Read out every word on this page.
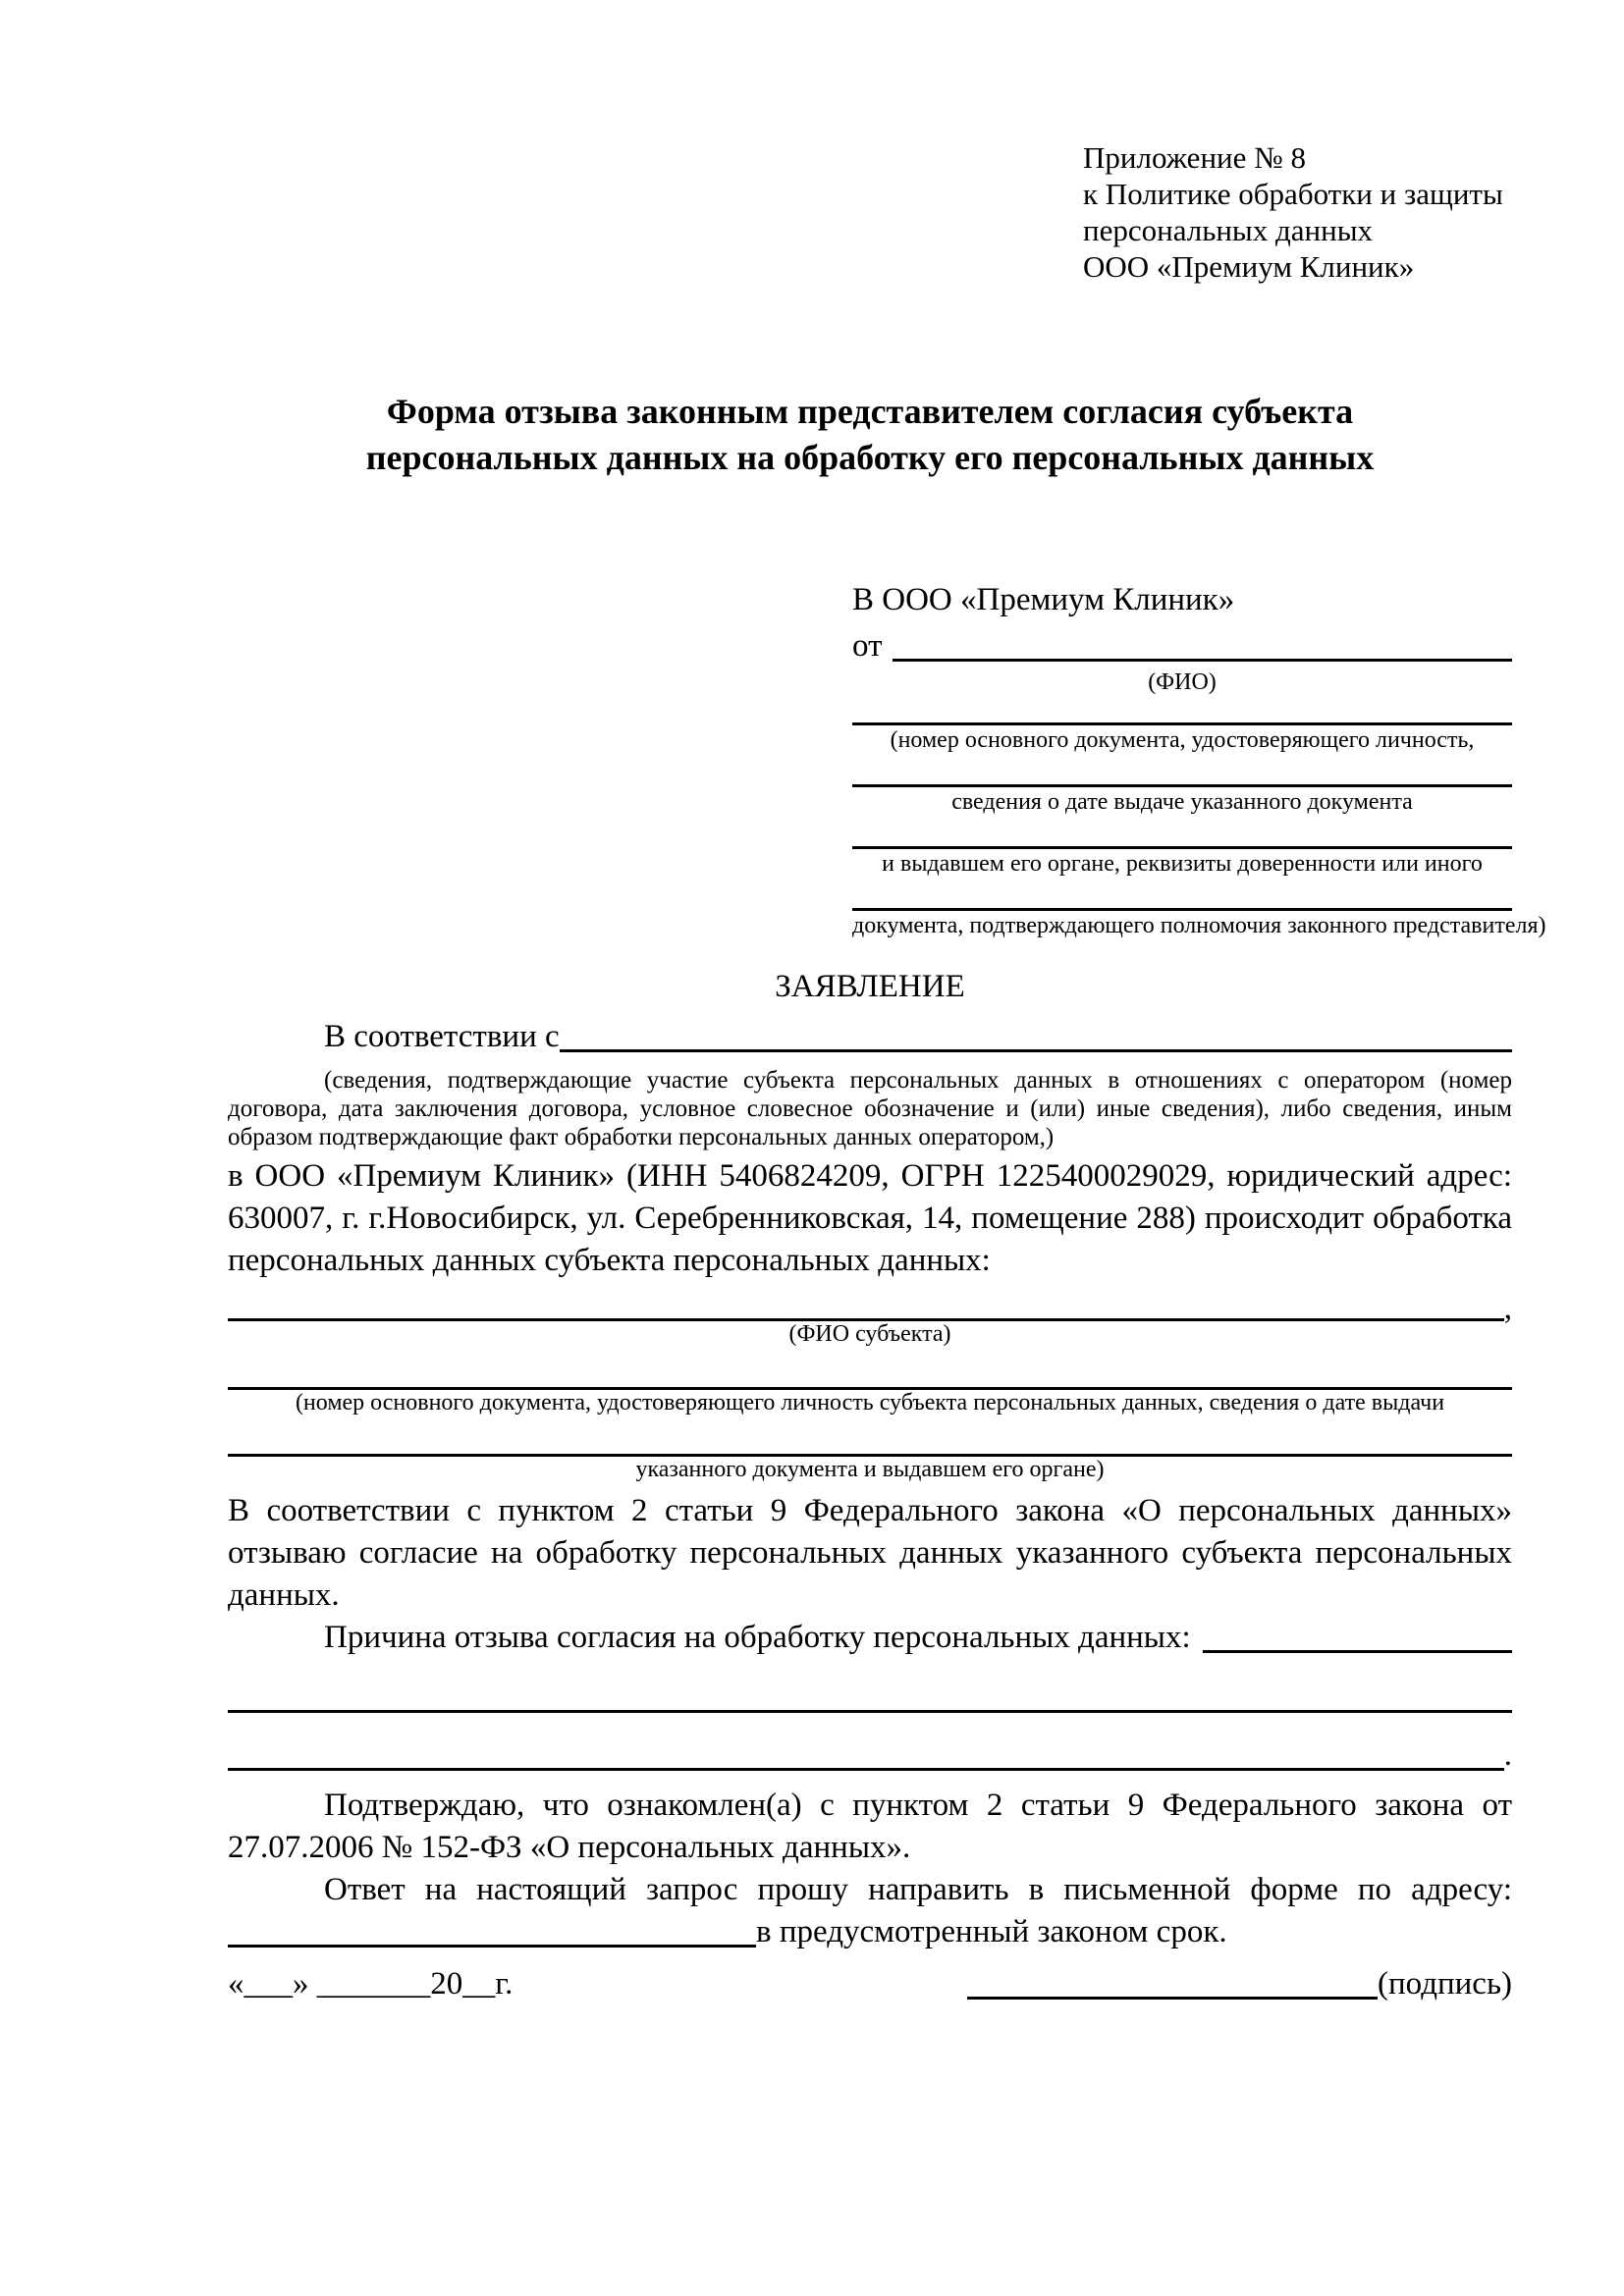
Приложение № 8
к Политике обработки и защиты
персональных данных
ООО «Премиум Клиник»
Форма отзыва законным представителем согласия субъекта
персональных данных на обработку его персональных данных
В ООО «Премиум Клиник»
от
(ФИО)
(номер основного документа, удостоверяющего личность,
сведения о дате выдаче указанного документа
и выдавшем его органе, реквизиты доверенности или иного
документа, подтверждающего полномочия законного представителя)
ЗАЯВЛЕНИЕ
В соответствии с
(сведения, подтверждающие участие субъекта персональных данных в отношениях с оператором (номер договора, дата заключения договора, условное словесное обозначение и (или) иные сведения), либо сведения, иным образом подтверждающие факт обработки персональных данных оператором,)

в ООО «Премиум Клиник» (ИНН 5406824209, ОГРН 1225400029029, юридический адрес: 630007, г. г.Новосибирск, ул. Серебренниковская, 14, помещение 288) происходит обработка персональных данных субъекта персональных данных:

,
(ФИО субъекта)
(номер основного документа, удостоверяющего личность субъекта персональных данных, сведения о дате выдачи
указанного документа и выдавшем его органе)

В соответствии с пунктом 2 статьи 9 Федерального закона «О персональных данных» отзываю согласие на обработку персональных данных указанного субъекта персональных данных.

Причина отзыва согласия на обработку персональных данных:
.

Подтверждаю, что ознакомлен(а) с пунктом 2 статьи 9 Федерального закона от 27.07.2006 № 152-ФЗ «О персональных данных».

Ответ на настоящий запрос прошу направить в письменной форме по адресу: в предусмотренный законом срок.

«___» _______20__г.	(подпись)
